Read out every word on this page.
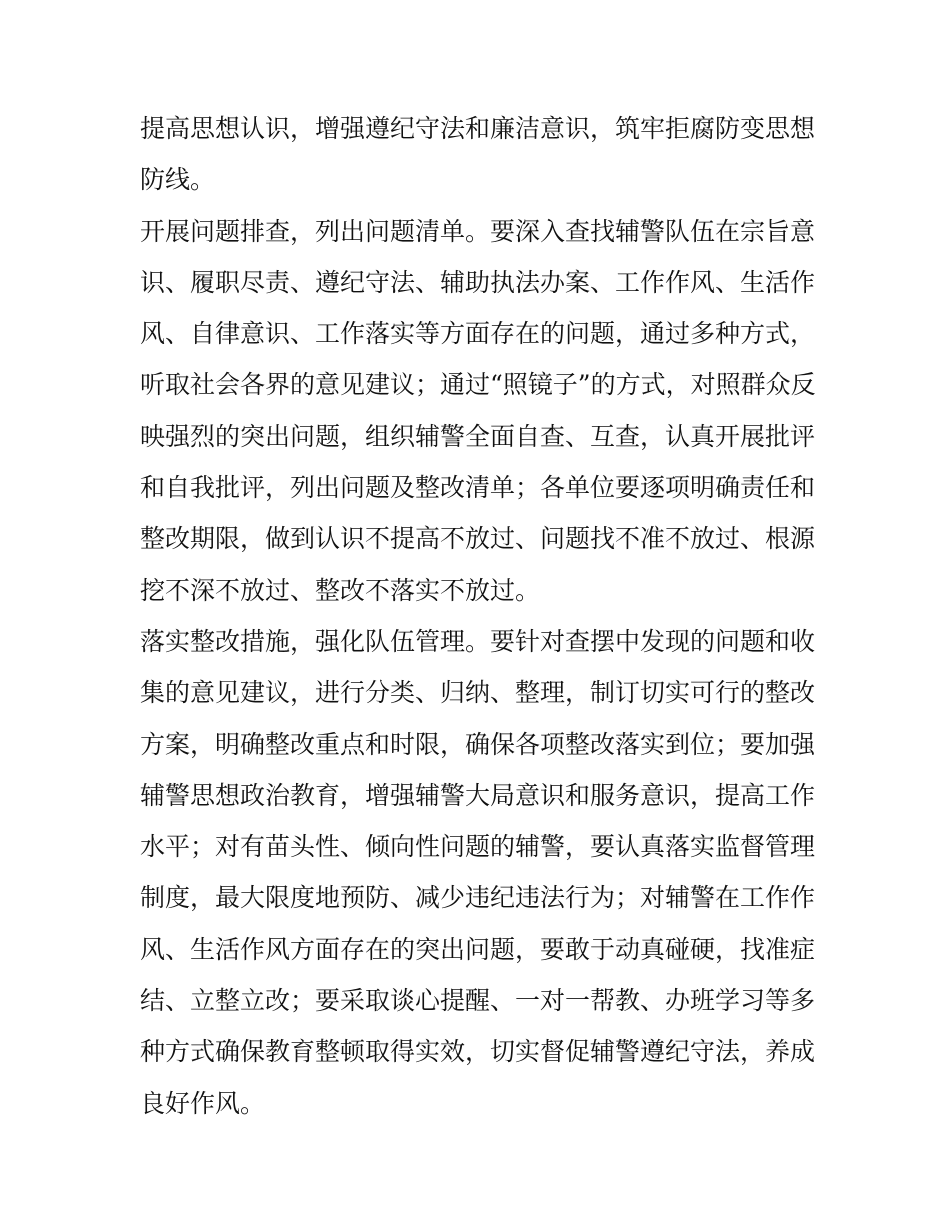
提高思想认识，增强遵纪守法和廉洁意识，筑牢拒腐防变思想
防线。
开展问题排查，列出问题清单。要深入查找辅警队伍在宗旨意
识、履职尽责、遵纪守法、辅助执法办案、工作作风、生活作
风、自律意识、工作落实等方面存在的问题，通过多种方式，
听取社会各界的意见建议；通过“照镜子”的方式，对照群众反
映强烈的突出问题，组织辅警全面自查、互查，认真开展批评
和自我批评，列出问题及整改清单；各单位要逐项明确责任和
整改期限，做到认识不提高不放过、问题找不准不放过、根源
挖不深不放过、整改不落实不放过。
落实整改措施，强化队伍管理。要针对查摆中发现的问题和收
集的意见建议，进行分类、归纳、整理，制订切实可行的整改
方案，明确整改重点和时限，确保各项整改落实到位；要加强
辅警思想政治教育，增强辅警大局意识和服务意识，提高工作
水平；对有苗头性、倾向性问题的辅警，要认真落实监督管理
制度，最大限度地预防、减少违纪违法行为；对辅警在工作作
风、生活作风方面存在的突出问题，要敢于动真碰硬，找准症
结、立整立改；要采取谈心提醒、一对一帮教、办班学习等多
种方式确保教育整顿取得实效，切实督促辅警遵纪守法，养成
良好作风。
